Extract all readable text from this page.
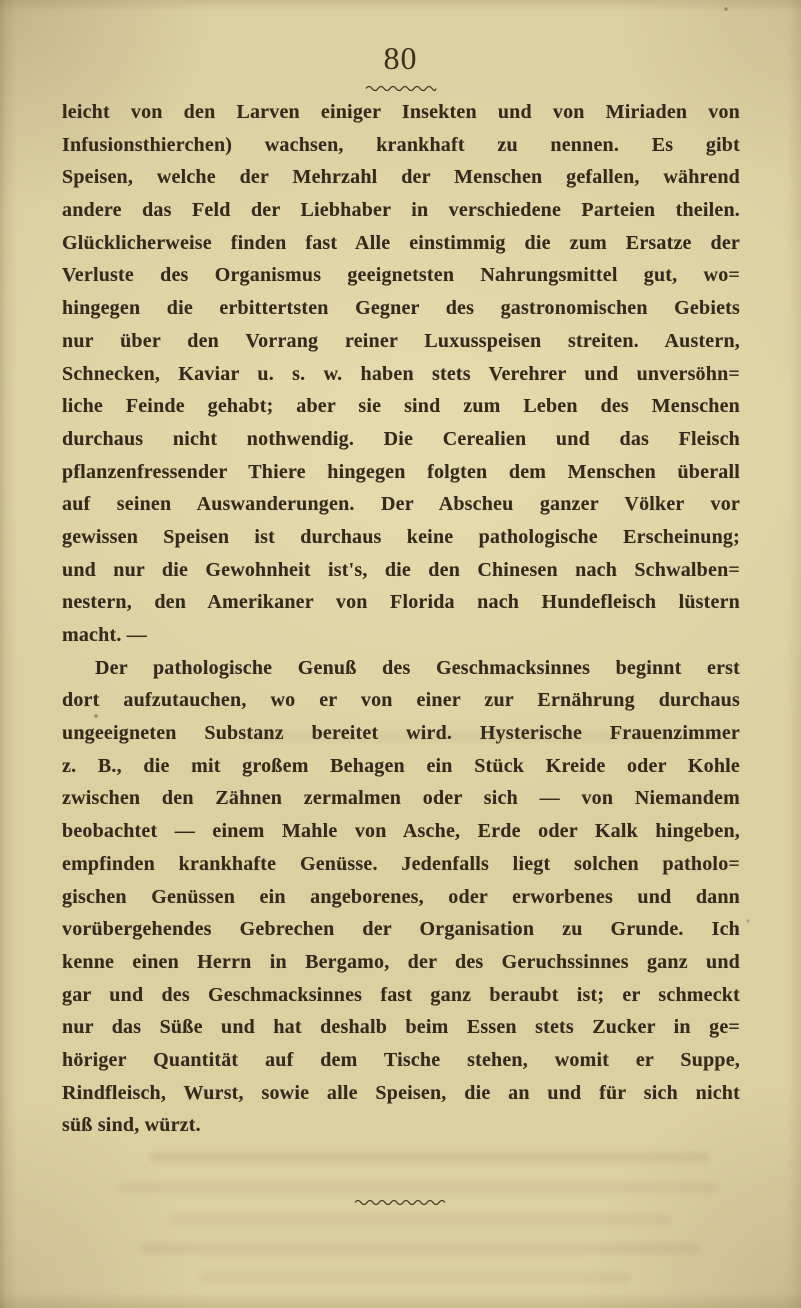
80
leicht von den Larven einiger Insekten und von Miriaden von
Infusionsthierchen) wachsen, krankhaft zu nennen. Es gibt
Speisen, welche der Mehrzahl der Menschen gefallen, während
andere das Feld der Liebhaber in verschiedene Parteien theilen.
Glücklicherweise finden fast Alle einstimmig die zum Ersatze der
Verluste des Organismus geeignetsten Nahrungsmittel gut, wo=
hingegen die erbittertsten Gegner des gastronomischen Gebiets
nur über den Vorrang reiner Luxusspeisen streiten. Austern,
Schnecken, Kaviar u. s. w. haben stets Verehrer und unversöhn=
liche Feinde gehabt; aber sie sind zum Leben des Menschen
durchaus nicht nothwendig. Die Cerealien und das Fleisch
pflanzenfressender Thiere hingegen folgten dem Menschen überall
auf seinen Auswanderungen. Der Abscheu ganzer Völker vor
gewissen Speisen ist durchaus keine pathologische Erscheinung;
und nur die Gewohnheit ist's, die den Chinesen nach Schwalben=
nestern, den Amerikaner von Florida nach Hundefleisch lüstern
macht. —
Der pathologische Genuß des Geschmacksinnes beginnt erst
dort aufzutauchen, wo er von einer zur Ernährung durchaus
ungeeigneten Substanz bereitet wird. Hysterische Frauenzimmer
z. B., die mit großem Behagen ein Stück Kreide oder Kohle
zwischen den Zähnen zermalmen oder sich — von Niemandem
beobachtet — einem Mahle von Asche, Erde oder Kalk hingeben,
empfinden krankhafte Genüsse. Jedenfalls liegt solchen patholo=
gischen Genüssen ein angeborenes, oder erworbenes und dann
vorübergehendes Gebrechen der Organisation zu Grunde. Ich
kenne einen Herrn in Bergamo, der des Geruchssinnes ganz und
gar und des Geschmacksinnes fast ganz beraubt ist; er schmeckt
nur das Süße und hat deshalb beim Essen stets Zucker in ge=
höriger Quantität auf dem Tische stehen, womit er Suppe,
Rindfleisch, Wurst, sowie alle Speisen, die an und für sich nicht
süß sind, würzt.
